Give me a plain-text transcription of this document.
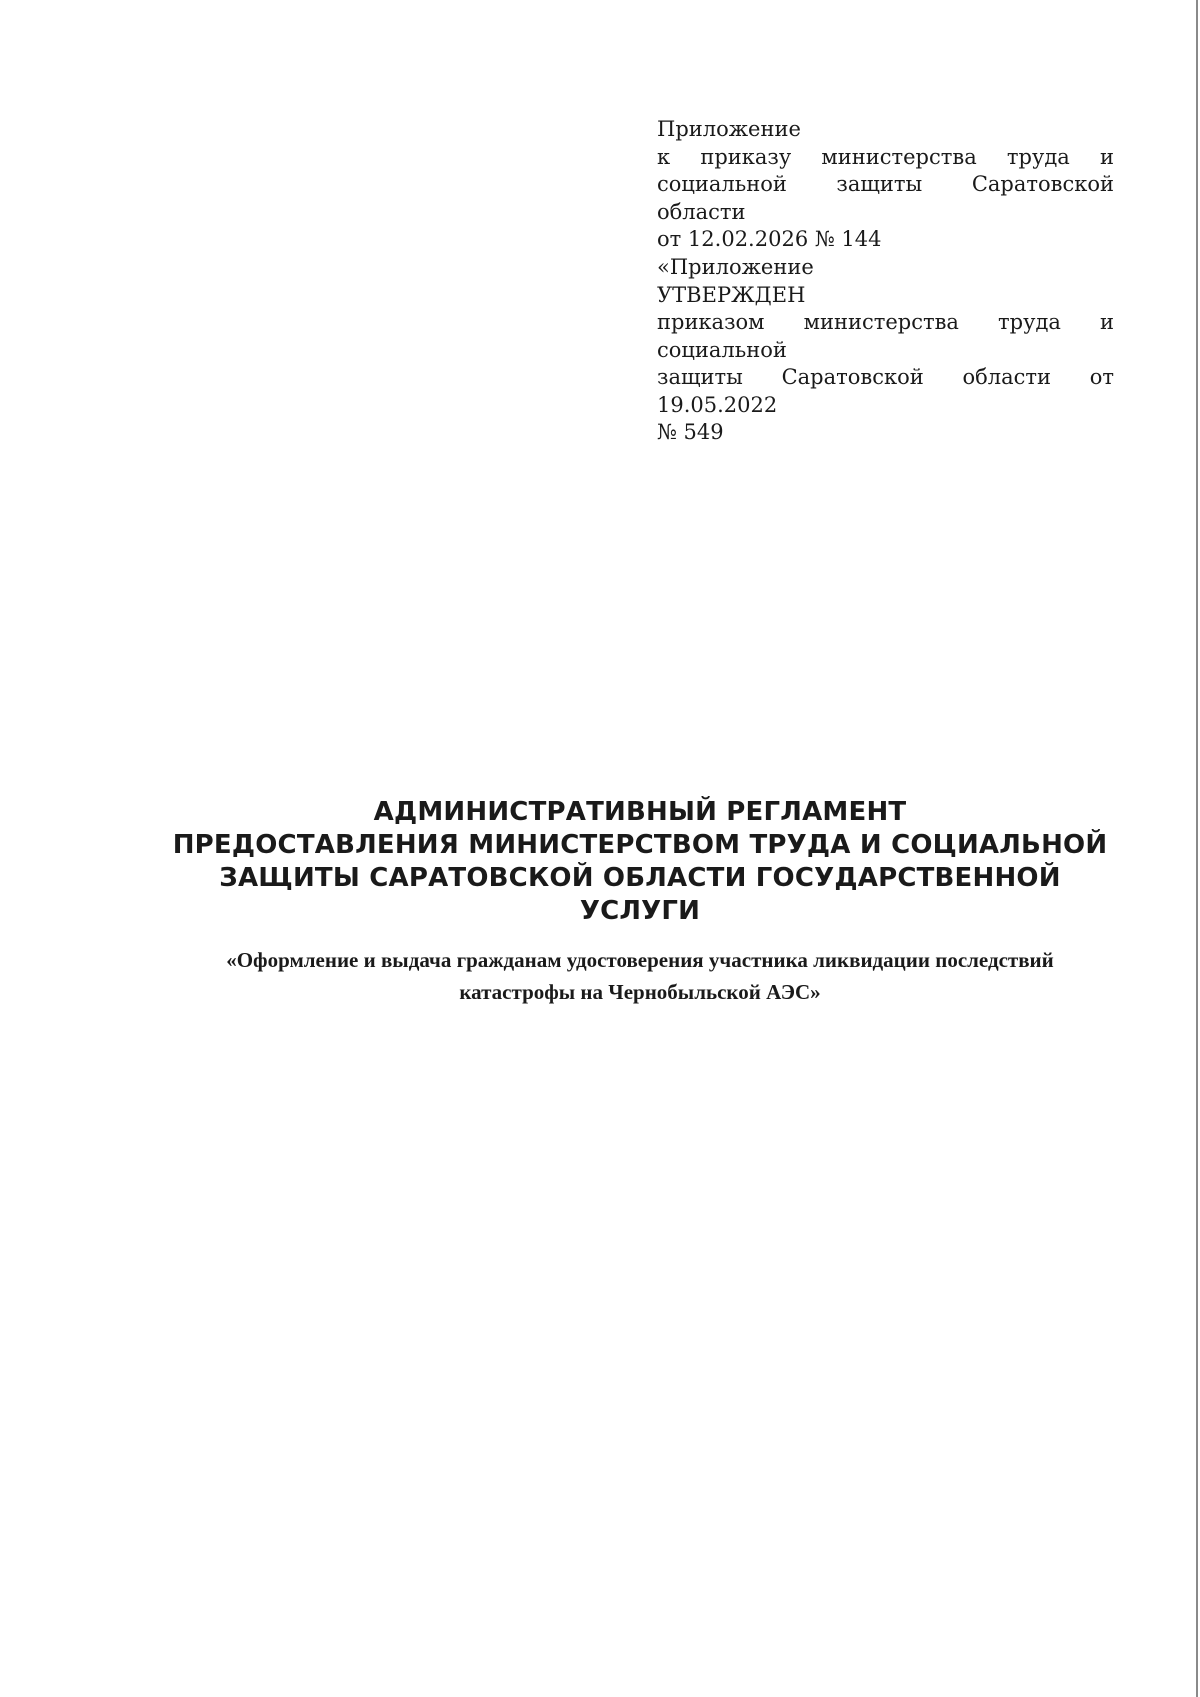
Приложение
к приказу министерства труда и
социальной защиты Саратовской области
от 12.02.2026 № 144
«Приложение
УТВЕРЖДЕН
приказом министерства труда и социальной
защиты Саратовской области от 19.05.2022
№ 549
АДМИНИСТРАТИВНЫЙ РЕГЛАМЕНТ
ПРЕДОСТАВЛЕНИЯ МИНИСТЕРСТВОМ ТРУДА И СОЦИАЛЬНОЙ
ЗАЩИТЫ САРАТОВСКОЙ ОБЛАСТИ ГОСУДАРСТВЕННОЙ
УСЛУГИ
«Оформление и выдача гражданам удостоверения участника ликвидации последствий
катастрофы на Чернобыльской АЭС»
